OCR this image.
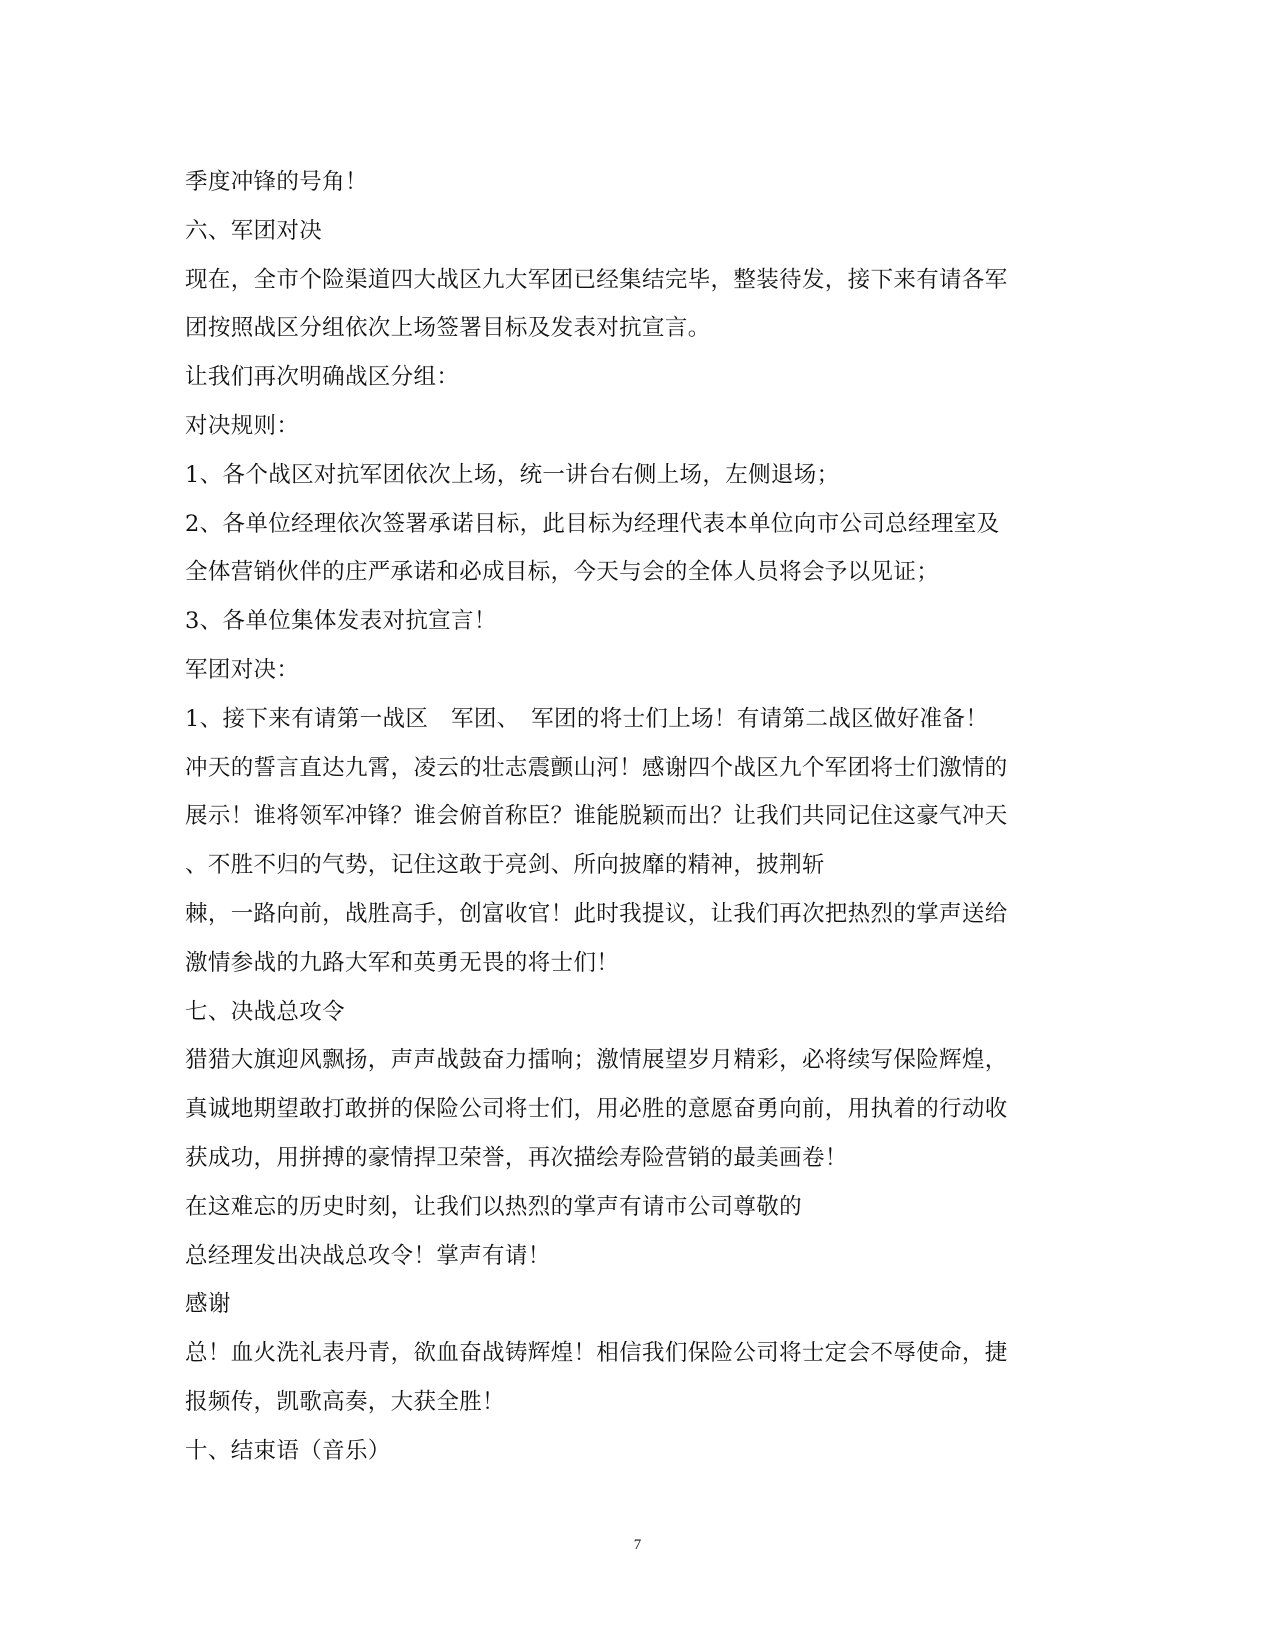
季度冲锋的号角！
六、军团对决
现在，全市个险渠道四大战区九大军团已经集结完毕，整装待发，接下来有请各军
团按照战区分组依次上场签署目标及发表对抗宣言。
让我们再次明确战区分组：
对决规则：
1、各个战区对抗军团依次上场，统一讲台右侧上场，左侧退场；
2、各单位经理依次签署承诺目标，此目标为经理代表本单位向市公司总经理室及
全体营销伙伴的庄严承诺和必成目标，今天与会的全体人员将会予以见证；
3、各单位集体发表对抗宣言！
军团对决：
1、接下来有请第一战区　军团、　军团的将士们上场！有请第二战区做好准备！
冲天的誓言直达九霄，凌云的壮志震颤山河！感谢四个战区九个军团将士们激情的
展示！谁将领军冲锋？谁会俯首称臣？谁能脱颖而出？让我们共同记住这豪气冲天
、不胜不归的气势，记住这敢于亮剑、所向披靡的精神，披荆斩
棘，一路向前，战胜高手，创富收官！此时我提议，让我们再次把热烈的掌声送给
激情参战的九路大军和英勇无畏的将士们！
七、决战总攻令
猎猎大旗迎风飘扬，声声战鼓奋力擂响；激情展望岁月精彩，必将续写保险辉煌，
真诚地期望敢打敢拼的保险公司将士们，用必胜的意愿奋勇向前，用执着的行动收
获成功，用拼搏的豪情捍卫荣誉，再次描绘寿险营销的最美画卷！
在这难忘的历史时刻，让我们以热烈的掌声有请市公司尊敬的
总经理发出决战总攻令！掌声有请！
感谢
总！血火洗礼表丹青，欲血奋战铸辉煌！相信我们保险公司将士定会不辱使命，捷
报频传，凯歌高奏，大获全胜！
十、结束语（音乐）
7
